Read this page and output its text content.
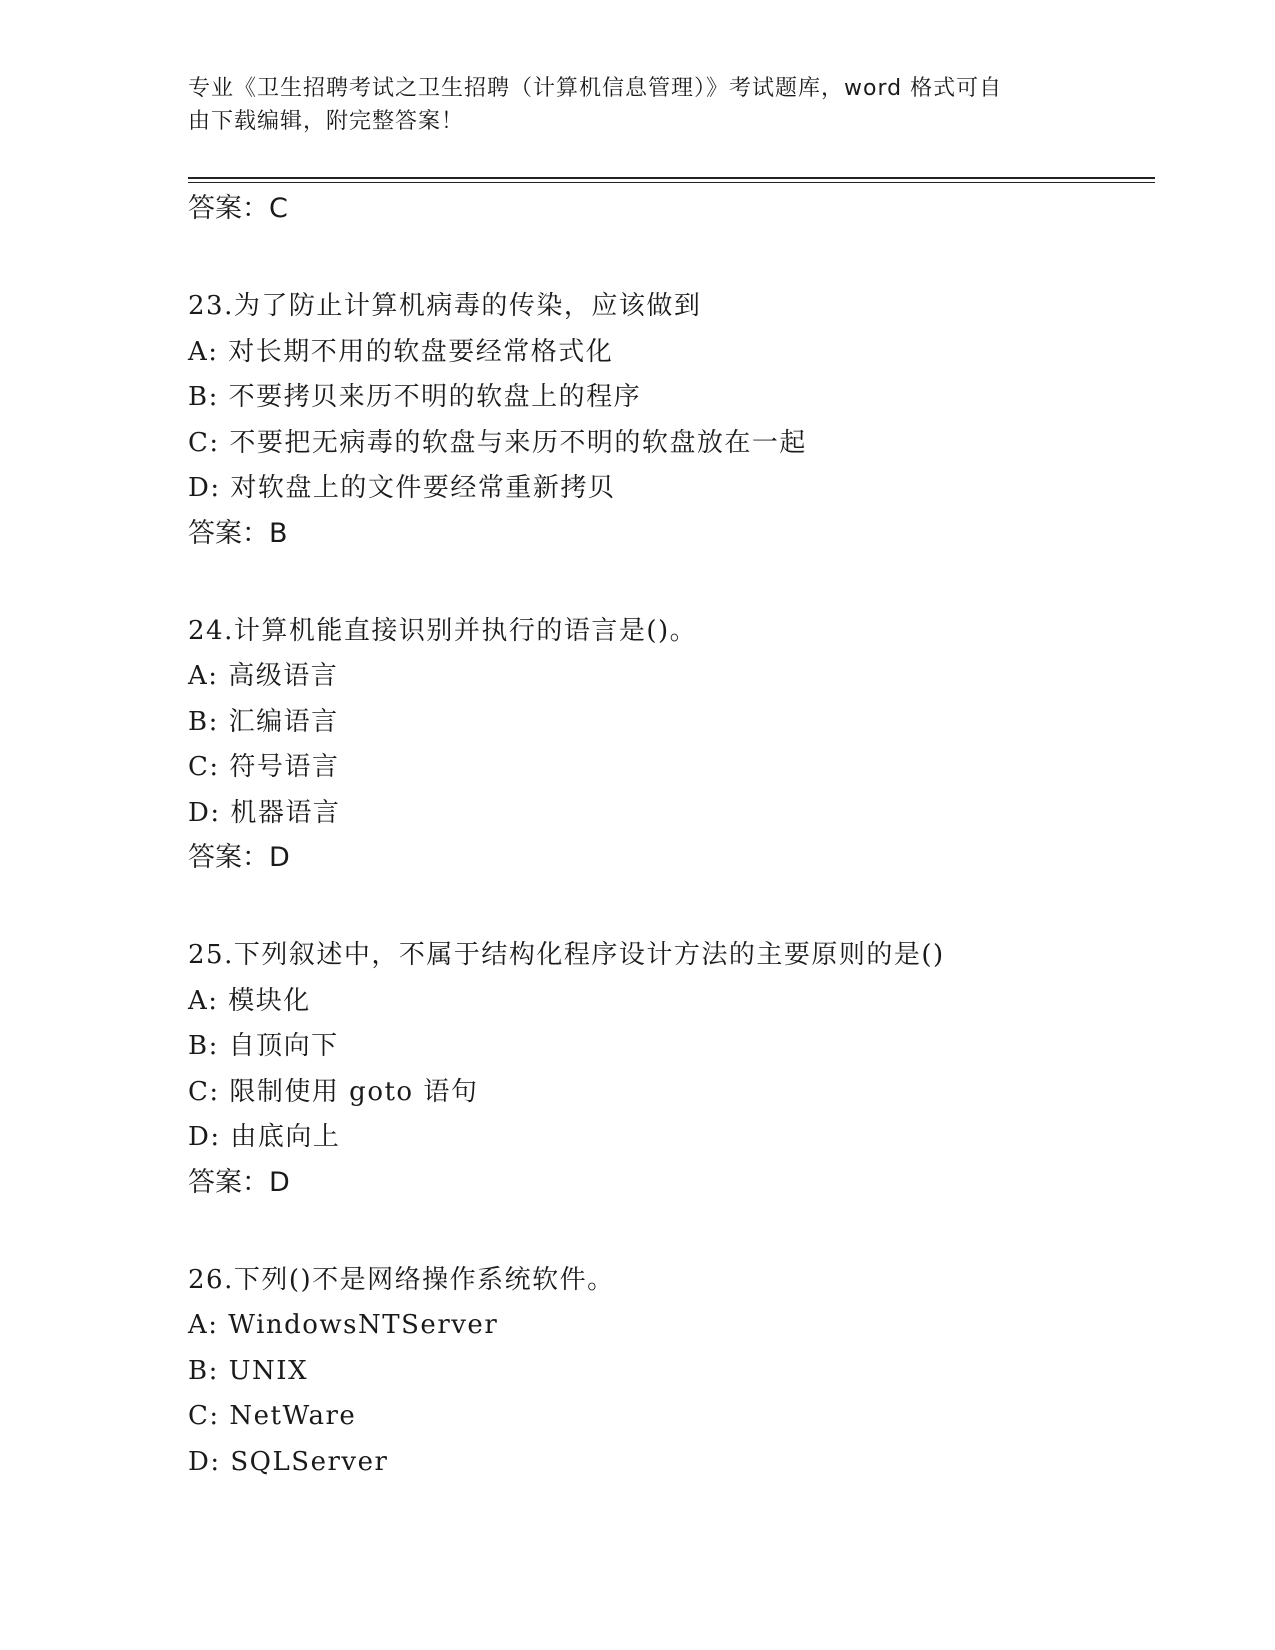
专业《卫生招聘考试之卫生招聘（计算机信息管理）》考试题库，word 格式可自
由下载编辑，附完整答案！
答案：C
23.为了防止计算机病毒的传染，应该做到
A: 对长期不用的软盘要经常格式化
B: 不要拷贝来历不明的软盘上的程序
C: 不要把无病毒的软盘与来历不明的软盘放在一起
D: 对软盘上的文件要经常重新拷贝
答案：B
24.计算机能直接识别并执行的语言是()。
A: 高级语言
B: 汇编语言
C: 符号语言
D: 机器语言
答案：D
25.下列叙述中，不属于结构化程序设计方法的主要原则的是()
A: 模块化
B: 自顶向下
C: 限制使用 goto 语句
D: 由底向上
答案：D
26.下列()不是网络操作系统软件。
A: WindowsNTServer
B: UNIX
C: NetWare
D: SQLServer
